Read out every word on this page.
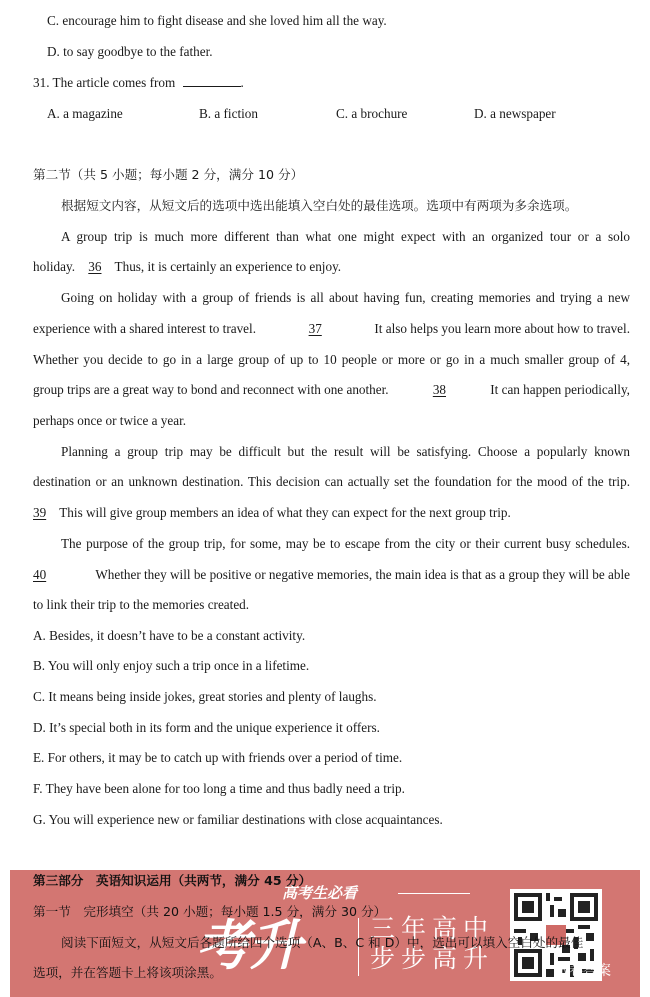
C. encourage him to fight disease and she loved him all the way.
D. to say goodbye to the father.
31. The article comes from	.
A. a magazine	B. a fiction	C. a brochure	D. a newspaper
第二节（共 5 小题；每小题 2 分，满分 10 分）
根据短文内容，从短文后的选项中选出能填入空白处的最佳选项。选项中有两项为多余选项。
A group trip is much more different than what one might expect with an organized tour or a solo
holiday. 36 Thus, it is certainly an experience to enjoy.
Going on holiday with a group of friends is all about having fun, creating memories and trying a new
experience with a shared interest to travel.	37	It also helps you learn more about how to travel.
Whether you decide to go in a large group of up to 10 people or more or go in a much smaller group of 4,
group trips are a great way to bond and reconnect with one another.	38	It can happen periodically,
perhaps once or twice a year.
Planning a group trip may be difficult but the result will be satisfying. Choose a popularly known
destination or an unknown destination. This decision can actually set the foundation for the mood of the trip.
39 This will give group members an idea of what they can expect for the next group trip.
The purpose of the group trip, for some, may be to escape from the city or their current busy schedules.
40	Whether they will be positive or negative memories, the main idea is that as a group they will be able
to link their trip to the memories created.
A. Besides, it doesn’t have to be a constant activity.
B. You will only enjoy such a trip once in a lifetime.
C. It means being inside jokes, great stories and plenty of laughs.
D. It’s special both in its form and the unique experience it offers.
E. For others, it may be to catch up with friends over a period of time.
F. They have been alone for too long a time and thus badly need a trip.
G. You will experience new or familiar destinations with close acquaintances.
高考生必看
考升	三年高中
步步高升	试卷答案
第三部分　英语知识运用（共两节，满分 45 分）
第一节　完形填空（共 20 小题；每小题 1.5 分，满分 30 分）
阅读下面短文，从短文后各题所给四个选项（A、B、C 和 D）中，选出可以填入空白处的最佳
选项，并在答题卡上将该项涂黑。
